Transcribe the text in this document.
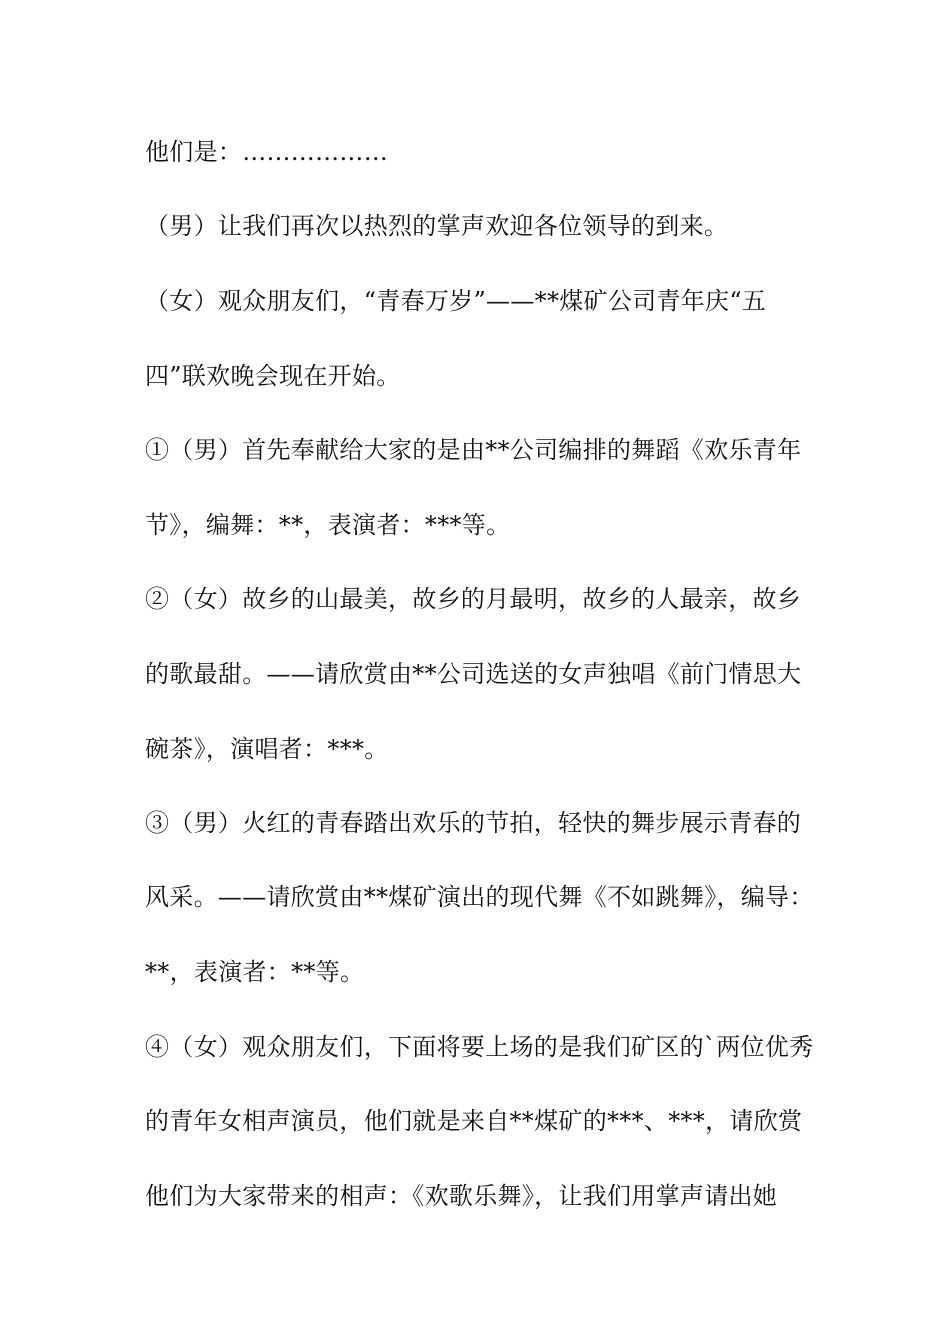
他们是：………………

（男）让我们再次以热烈的掌声欢迎各位领导的到来。

（女）观众朋友们，“青春万岁”——**煤矿公司青年庆“五

四”联欢晚会现在开始。

①（男）首先奉献给大家的是由**公司编排的舞蹈《欢乐青年

节》，编舞：**，表演者：***等。

②（女）故乡的山最美，故乡的月最明，故乡的人最亲，故乡

的歌最甜。——请欣赏由**公司选送的女声独唱《前门情思大

碗茶》，演唱者：***。

③（男）火红的青春踏出欢乐的节拍，轻快的舞步展示青春的

风采。——请欣赏由**煤矿演出的现代舞《不如跳舞》，编导：

**，表演者：**等。

④（女）观众朋友们，下面将要上场的是我们矿区的`两位优秀

的青年女相声演员，他们就是来自**煤矿的***、***，请欣赏

他们为大家带来的相声：《欢歌乐舞》，让我们用掌声请出她
